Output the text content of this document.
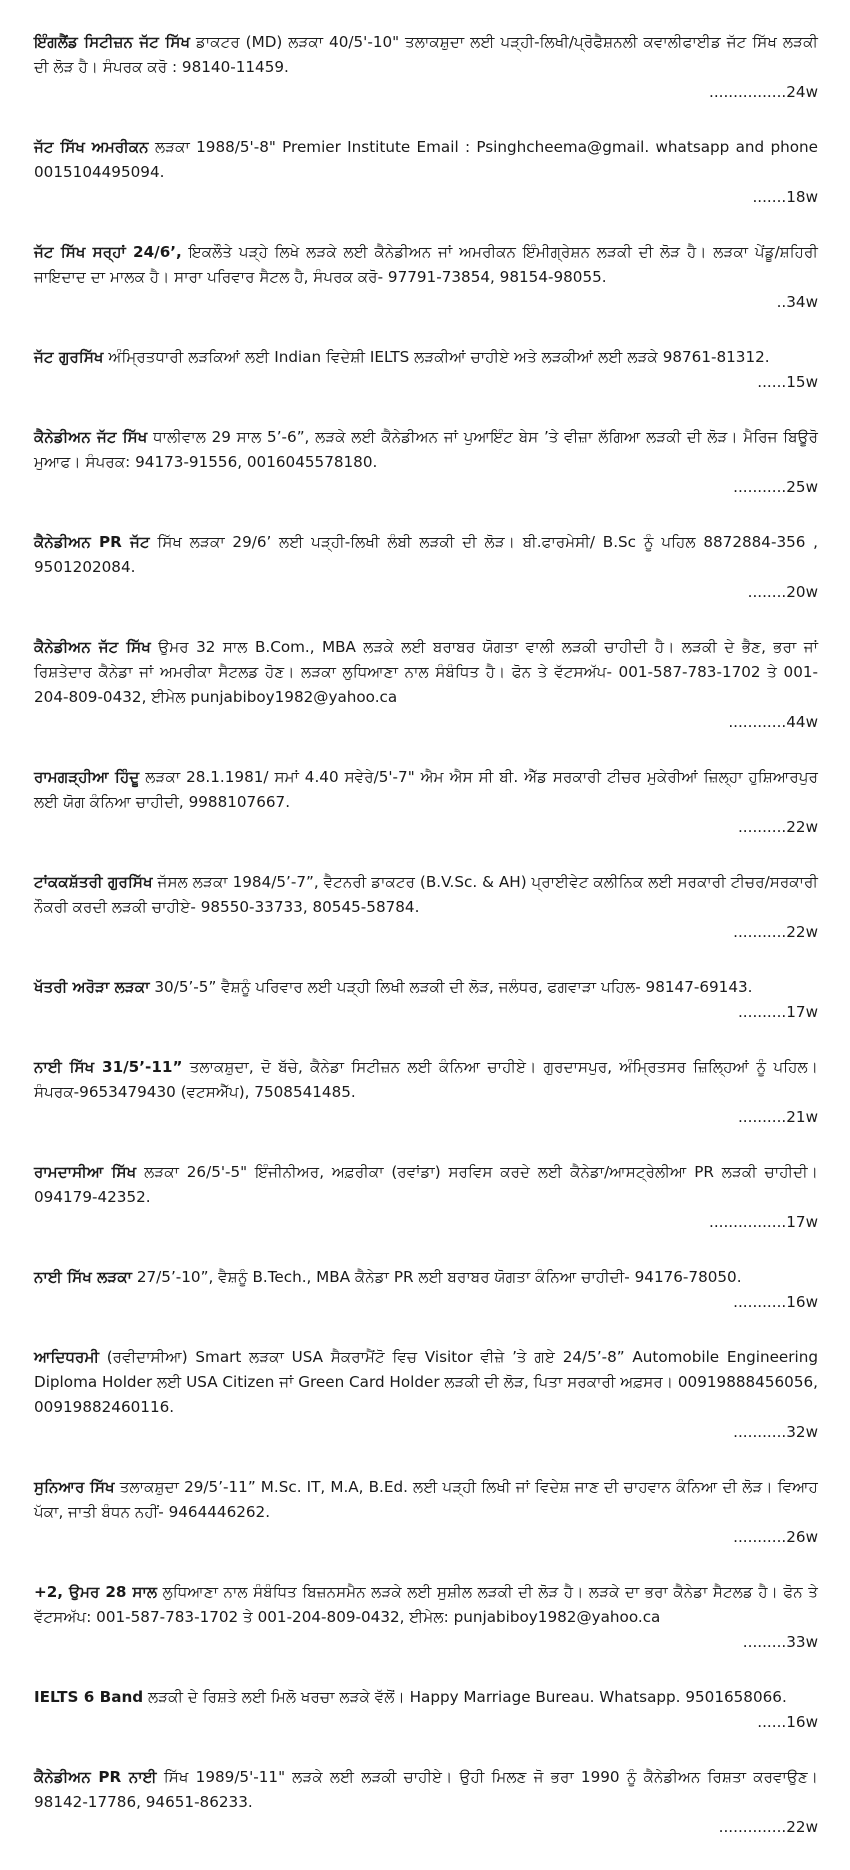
ਇੰਗਲੈਂਡ ਸਿਟੀਜ਼ਨ ਜੱਟ ਸਿੱਖ ਡਾਕਟਰ (MD) ਲੜਕਾ 40/5'-10" ਤਲਾਕਸ਼ੁਦਾ ਲਈ ਪੜ੍ਹੀ-ਲਿਖੀ/ਪ੍ਰੋਫੈਸ਼ਨਲੀ ਕਵਾਲੀਫਾਈਡ ਜੱਟ ਸਿੱਖ ਲੜਕੀ ਦੀ ਲੋੜ ਹੈ। ਸੰਪਰਕ ਕਰੋ : 98140-11459.
................24w

ਜੱਟ ਸਿੱਖ ਅਮਰੀਕਨ ਲੜਕਾ 1988/5'-8" Premier Institute Email : Psinghcheema@gmail. whatsapp and phone 0015104495094.
.......18w

ਜੱਟ ਸਿੱਖ ਸਰ੍ਹਾਂ 24/6’, ਇਕਲੌਤੇ ਪੜ੍ਹੇ ਲਿਖੇ ਲੜਕੇ ਲਈ ਕੈਨੇਡੀਅਨ ਜਾਂ ਅਮਰੀਕਨ ਇੰਮੀਗ੍ਰੇਸ਼ਨ ਲੜਕੀ ਦੀ ਲੋੜ ਹੈ। ਲੜਕਾ ਪੇਂਡੂ/ਸ਼ਹਿਰੀ ਜਾਇਦਾਦ ਦਾ ਮਾਲਕ ਹੈ। ਸਾਰਾ ਪਰਿਵਾਰ ਸੈਟਲ ਹੈ, ਸੰਪਰਕ ਕਰੋ- 97791-73854, 98154-98055.
..34w

ਜੱਟ ਗੁਰਸਿੱਖ ਅੰਮ੍ਰਿਤਧਾਰੀ ਲੜਕਿਆਂ ਲਈ Indian ਵਿਦੇਸ਼ੀ IELTS ਲੜਕੀਆਂ ਚਾਹੀਏ ਅਤੇ ਲੜਕੀਆਂ ਲਈ ਲੜਕੇ 98761-81312.
......15w

ਕੈਨੇਡੀਅਨ ਜੱਟ ਸਿੱਖ ਧਾਲੀਵਾਲ 29 ਸਾਲ 5’-6”, ਲੜਕੇ ਲਈ ਕੈਨੇਡੀਅਨ ਜਾਂ ਪੁਆਇੰਟ ਬੇਸ ’ਤੇ ਵੀਜ਼ਾ ਲੱਗਿਆ ਲੜਕੀ ਦੀ ਲੋੜ। ਮੈਰਿਜ ਬਿਊਰੋ ਮੁਆਫ। ਸੰਪਰਕ: 94173-91556, 0016045578180.
...........25w

ਕੈਨੇਡੀਅਨ PR ਜੱਟ ਸਿੱਖ ਲੜਕਾ 29/6’ ਲਈ ਪੜ੍ਹੀ-ਲਿਖੀ ਲੰਬੀ ਲੜਕੀ ਦੀ ਲੋੜ। ਬੀ.ਫਾਰਮੇਸੀ/ B.Sc ਨੂੰ ਪਹਿਲ 8872884-356 , 9501202084.
........20w

ਕੈਨੇਡੀਅਨ ਜੱਟ ਸਿੱਖ ਉਮਰ 32 ਸਾਲ B.Com., MBA ਲੜਕੇ ਲਈ ਬਰਾਬਰ ਯੋਗਤਾ ਵਾਲੀ ਲੜਕੀ ਚਾਹੀਦੀ ਹੈ। ਲੜਕੀ ਦੇ ਭੈਣ, ਭਰਾ ਜਾਂ ਰਿਸ਼ਤੇਦਾਰ ਕੈਨੇਡਾ ਜਾਂ ਅਮਰੀਕਾ ਸੈਟਲਡ ਹੋਣ। ਲੜਕਾ ਲੁਧਿਆਣਾ ਨਾਲ ਸੰਬੰਧਿਤ ਹੈ। ਫੋਨ ਤੇ ਵੱਟਸਅੱਪ- 001-587-783-1702 ਤੇ 001-204-809-0432, ਈਮੇਲ punjabiboy1982@yahoo.ca
............44w

ਰਾਮਗੜ੍ਹੀਆ ਹਿੰਦੂ ਲੜਕਾ 28.1.1981/ ਸਮਾਂ 4.40 ਸਵੇਰੇ/5'-7" ਐਮ ਐਸ ਸੀ ਬੀ. ਐੱਡ ਸਰਕਾਰੀ ਟੀਚਰ ਮੁਕੇਰੀਆਂ ਜ਼ਿਲ੍ਹਾ ਹੁਸ਼ਿਆਰਪੁਰ ਲਈ ਯੋਗ ਕੰਨਿਆ ਚਾਹੀਦੀ, 9988107667.
..........22w

ਟਾਂਕਕਸ਼ੱਤਰੀ ਗੁਰਸਿੱਖ ਜੱਸਲ ਲੜਕਾ 1984/5’-7”, ਵੈਟਨਰੀ ਡਾਕਟਰ (B.V.Sc. & AH) ਪ੍ਰਾਈਵੇਟ ਕਲੀਨਿਕ ਲਈ ਸਰਕਾਰੀ ਟੀਚਰ/ਸਰਕਾਰੀ ਨੌਕਰੀ ਕਰਦੀ ਲੜਕੀ ਚਾਹੀਏ- 98550-33733, 80545-58784.
...........22w

ਖੱਤਰੀ ਅਰੋੜਾ ਲੜਕਾ 30/5’-5” ਵੈਸ਼ਨੂੰ ਪਰਿਵਾਰ ਲਈ ਪੜ੍ਹੀ ਲਿਖੀ ਲੜਕੀ ਦੀ ਲੋੜ, ਜਲੰਧਰ, ਫਗਵਾੜਾ ਪਹਿਲ- 98147-69143.
..........17w

ਨਾਈ ਸਿੱਖ 31/5’-11” ਤਲਾਕਸ਼ੁਦਾ, ਦੋ ਬੱਚੇ, ਕੈਨੇਡਾ ਸਿਟੀਜ਼ਨ ਲਈ ਕੰਨਿਆ ਚਾਹੀਏ। ਗੁਰਦਾਸਪੁਰ, ਅੰਮ੍ਰਿਤਸਰ ਜ਼ਿਲ੍ਹਿਆਂ ਨੂੰ ਪਹਿਲ। ਸੰਪਰਕ-9653479430 (ਵਟਸਐੱਪ), 7508541485.
..........21w

ਰਾਮਦਾਸੀਆ ਸਿੱਖ ਲੜਕਾ 26/5'-5" ਇੰਜੀਨੀਅਰ, ਅਫ਼ਰੀਕਾ (ਰਵਾਂਡਾ) ਸਰਵਿਸ ਕਰਦੇ ਲਈ ਕੈਨੇਡਾ/ਆਸਟ੍ਰੇਲੀਆ PR ਲੜਕੀ ਚਾਹੀਦੀ। 094179-42352.
................17w

ਨਾਈ ਸਿੱਖ ਲੜਕਾ 27/5’-10”, ਵੈਸ਼ਨੂੰ B.Tech., MBA ਕੈਨੇਡਾ PR ਲਈ ਬਰਾਬਰ ਯੋਗਤਾ ਕੰਨਿਆ ਚਾਹੀਦੀ- 94176-78050.
...........16w

ਆਦਿਧਰਮੀ (ਰਵੀਦਾਸੀਆ) Smart ਲੜਕਾ USA ਸੈਕਰਾਮੈਂਟੋ ਵਿਚ Visitor ਵੀਜ਼ੇ ’ਤੇ ਗਏ 24/5’-8” Automobile Engineering Diploma Holder ਲਈ USA Citizen ਜਾਂ Green Card Holder ਲੜਕੀ ਦੀ ਲੋੜ, ਪਿਤਾ ਸਰਕਾਰੀ ਅਫ਼ਸਰ। 00919888456056, 00919882460116.
...........32w

ਸੁਨਿਆਰ ਸਿੱਖ ਤਲਾਕਸ਼ੁਦਾ 29/5’-11” M.Sc. IT, M.A, B.Ed. ਲਈ ਪੜ੍ਹੀ ਲਿਖੀ ਜਾਂ ਵਿਦੇਸ਼ ਜਾਣ ਦੀ ਚਾਹਵਾਨ ਕੰਨਿਆ ਦੀ ਲੋੜ। ਵਿਆਹ ਪੱਕਾ, ਜਾਤੀ ਬੰਧਨ ਨਹੀਂ- 9464446262.
...........26w

+2, ਉਮਰ 28 ਸਾਲ ਲੁਧਿਆਣਾ ਨਾਲ ਸੰਬੰਧਿਤ ਬਿਜ਼ਨਸਮੈਨ ਲੜਕੇ ਲਈ ਸੁਸ਼ੀਲ ਲੜਕੀ ਦੀ ਲੋੜ ਹੈ। ਲੜਕੇ ਦਾ ਭਰਾ ਕੈਨੇਡਾ ਸੈਟਲਡ ਹੈ। ਫੋਨ ਤੇ ਵੱਟਸਅੱਪ: 001-587-783-1702 ਤੇ 001-204-809-0432, ਈਮੇਲ: punjabiboy1982@yahoo.ca
.........33w

IELTS 6 Band ਲੜਕੀ ਦੇ ਰਿਸ਼ਤੇ ਲਈ ਮਿਲੋ ਖਰਚਾ ਲੜਕੇ ਵੱਲੋਂ। Happy Marriage Bureau. Whatsapp. 9501658066.
......16w

ਕੈਨੇਡੀਅਨ PR ਨਾਈ ਸਿੱਖ 1989/5'-11" ਲੜਕੇ ਲਈ ਲੜਕੀ ਚਾਹੀਏ। ਉਹੀ ਮਿਲਣ ਜੋ ਭਰਾ 1990 ਨੂੰ ਕੈਨੇਡੀਅਨ ਰਿਸ਼ਤਾ ਕਰਵਾਉਣ। 98142-17786, 94651-86233.
..............22w
